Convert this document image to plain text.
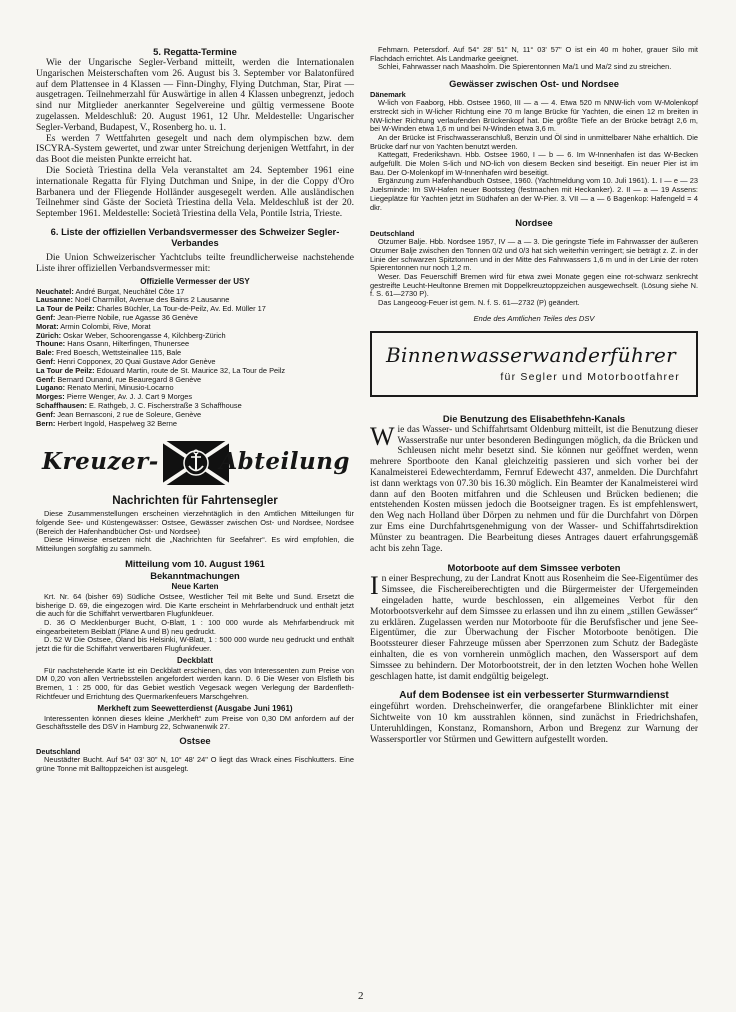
5. Regatta-Termine

Wie der Ungarische Segler-Verband mitteilt, werden die Internationalen Ungarischen Meisterschaften vom 26. August bis 3. September vor Balatonfüred auf dem Plattensee in 4 Klassen — Finn-Dinghy, Flying Dutchman, Star, Pirat — ausgetragen. Teilnehmerzahl für Auswärtige in allen 4 Klassen unbegrenzt, jedoch sind nur Mitglieder anerkannter Segelvereine und gültig vermessene Boote zugelassen. Meldeschluß: 20. August 1961, 12 Uhr. Meldestelle: Ungarischer Segler-Verband, Budapest, V., Rosenberg ho. u. 1.

Es werden 7 Wettfahrten gesegelt und nach dem olympischen bzw. dem ISCYRA-System gewertet, und zwar unter Streichung derjenigen Wettfahrt, in der das Boot die meisten Punkte erreicht hat.

Die Società Triestina della Vela veranstaltet am 24. September 1961 eine internationale Regatta für Flying Dutchman und Snipe, in der die Coppy d'Oro Barbanera und der Fliegende Holländer ausgesegelt werden. Alle ausländischen Teilnehmer sind Gäste der Società Triestina della Vela. Meldeschluß ist der 20. September 1961. Meldestelle: Società Triestina della Vela, Pontile Istria, Trieste.

6. Liste der offiziellen Verbandsvermesser des Schweizer Segler-Verbandes

Die Union Schweizerischer Yachtclubs teilte freundlicherweise nachstehende Liste ihrer offiziellen Verbandsvermesser mit:

Offizielle Vermesser der USY
Neuchatel: André Burgat, Neuchâtel Côte 17
Lausanne: Noël Charmillot, Avenue des Bains 2 Lausanne
La Tour de Peilz: Charles Büchler, La Tour-de-Peilz, Av. Ed. Müller 17
Genf: Jean-Pierre Nobile, rue Agasse 36 Genève
Morat: Armin Colombi, Rive, Morat
Zürich: Oskar Weber, Schoorengasse 4, Kilchberg-Zürich
Thoune: Hans Osann, Hilterfingen, Thunersee
Bale: Fred Boesch, Wettsteinallee 115, Bale
Genf: Henri Copponex, 20 Quai Gustave Ador Genève
La Tour de Peilz: Edouard Martin, route de St. Maurice 32, La Tour de Peilz
Genf: Bernard Dunand, rue Beauregard 8 Genève
Lugano: Renato Merlini, Minusio-Locarno
Morges: Pierre Wenger, Av. J. J. Cart 9 Morges
Schaffhausen: E. Rathgeb, J. C. Fischerstraße 3 Schaffhouse
Genf: Jean Bernasconi, 2 rue de Soleure, Genève
Bern: Herbert Ingold, Haspelweg 32 Berne
Kreuzer-	Abteilung
Nachrichten für Fahrtensegler

Diese Zusammenstellungen erscheinen vierzehntäglich in den Amtlichen Mitteilungen für folgende See- und Küstengewässer: Ostsee, Gewässer zwischen Ost- und Nordsee, Nordsee (Bereich der Hafenhandbücher Ost- und Nordsee)

Diese Hinweise ersetzen nicht die „Nachrichten für Seefahrer“. Es wird empfohlen, die Mitteilungen sorgfältig zu sammeln.

Mitteilung vom 10. August 1961
Bekanntmachungen
Neue Karten

Krt. Nr. 64 (bisher 69) Südliche Ostsee, Westlicher Teil mit Belte und Sund. Ersetzt die bisherige D. 69, die eingezogen wird. Die Karte erscheint in Mehrfarbendruck und enthält jetzt die auch für die Schiffahrt verwertbaren Flugfunkfeuer.

D. 36 O Mecklenburger Bucht, O-Blatt, 1 : 100 000 wurde als Mehrfarbendruck mit eingearbeitetem Beiblatt (Pläne A und B) neu gedruckt.

D. 52 W Die Ostsee, Öland bis Helsinki, W-Blatt, 1 : 500 000 wurde neu gedruckt und enthält jetzt die für die Schiffahrt verwertbaren Flugfunkfeuer.

Deckblatt

Für nachstehende Karte ist ein Deckblatt erschienen, das von Interessenten zum Preise von DM 0,20 von allen Vertriebsstellen angefordert werden kann. D. 6 Die Weser von Elsfleth bis Bremen, 1 : 25 000, für das Gebiet westlich Vegesack wegen Verlegung der Bardenfleth-Richtfeuer und Errichtung des Quermarkenfeuers Marschgehren.

Merkheft zum Seewetterdienst (Ausgabe Juni 1961)

Interessenten können dieses kleine „Merkheft“ zum Preise von 0,30 DM anfordern auf der Geschäftsstelle des DSV in Hamburg 22, Schwanenwik 27.

Ostsee
Deutschland

Neustädter Bucht. Auf 54° 03' 30" N, 10° 48' 24" O liegt das Wrack eines Fischkutters. Eine grüne Tonne mit Balltoppzeichen ist ausgelegt.

Fehmarn. Petersdorf. Auf 54° 28' 51" N, 11° 03' 57" O ist ein 40 m hoher, grauer Silo mit Flachdach errichtet. Als Landmarke geeignet.

Schlei, Fahrwasser nach Maasholm. Die Spierentonnen Ma/1 und Ma/2 sind zu streichen.

Gewässer zwischen Ost- und Nordsee
Dänemark

W-lich von Faaborg, Hbb. Ostsee 1960, III — a — 4. Etwa 520 m NNW-lich vom W-Molenkopf erstreckt sich in W-licher Richtung eine 70 m lange Brücke für Yachten, die einen 12 m breiten in NW-licher Richtung verlaufenden Brückenkopf hat. Die größte Tiefe an der Brücke beträgt 2,6 m, bei W-Winden etwa 1,6 m und bei N-Winden etwa 3,6 m.

An der Brücke ist Frischwasseranschluß, Benzin und Öl sind in unmittelbarer Nähe erhältlich. Die Brücke darf nur von Yachten benutzt werden.

Kattegatt, Frederikshavn. Hbb. Ostsee 1960, I — b — 6. Im W-Innenhafen ist das W-Becken aufgefüllt. Die Molen S-lich und NO-lich von diesem Becken sind beseitigt. Ein neuer Pier ist im Bau. Der O-Molenkopf im W-Innenhafen wird beseitigt.

Ergänzung zum Hafenhandbuch Ostsee, 1960. (Yachtmeldung vom 10. Juli 1961). 1. I — e — 23 Juelsminde: Im SW-Hafen neuer Bootssteg (festmachen mit Heckanker). 2. II — a — 19 Assens: Liegeplätze für Yachten jetzt im Südhafen an der W-Pier. 3. VII — a — 6 Bagenkop: Hafengeld = 4 dkr.

Nordsee
Deutschland

Otzumer Balje. Hbb. Nordsee 1957, IV — a — 3. Die geringste Tiefe im Fahrwasser der äußeren Otzumer Balje zwischen den Tonnen 0/2 und 0/3 hat sich weiterhin verringert; sie beträgt z. Z. in der Linie der schwarzen Spitztonnen und in der Mitte des Fahrwassers 1,6 m und in der Linie der roten Spierentonnen nur noch 1,2 m.

Weser. Das Feuerschiff Bremen wird für etwa zwei Monate gegen eine rot-schwarz senkrecht gestreifte Leucht-Heultonne Bremen mit Doppelkreuztoppzeichen ausgewechselt. (Lösung siehe N. f. S. 61—2730 P).

Das Langeoog-Feuer ist gem. N. f. S. 61—2732 (P) geändert.

Ende des Amtlichen Teiles des DSV
Binnenwasserwanderführer
für Segler und Motorbootfahrer
Die Benutzung des Elisabethfehn-Kanals

Wie das Wasser- und Schiffahrtsamt Oldenburg mitteilt, ist die Benutzung dieser Wasserstraße nur unter besonderen Bedingungen möglich, da die Brücken und Schleusen nicht mehr besetzt sind. Sie können nur geöffnet werden, wenn mehrere Sportboote den Kanal gleichzeitig passieren und sich vorher bei der Kanalmeisterei Edewechterdamm, Fernruf Edewecht 437, anmelden. Die Durchfahrt ist dann werktags von 07.30 bis 16.30 möglich. Ein Beamter der Kanalmeisterei wird dann auf den Booten mitfahren und die Schleusen und Brücken bedienen; die entstehenden Kosten müssen jedoch die Bootseigner tragen. Es ist empfehlenswert, den Weg nach Holland über Dörpen zu nehmen und für die Durchfahrt von Dörpen zur Ems eine Durchfahrtsgenehmigung von der Wasser- und Schiffahrtsdirektion Münster zu beantragen. Die Bearbeitung dieses Antrages dauert erfahrungsgemäß acht bis zehn Tage.

Motorboote auf dem Simssee verboten

In einer Besprechung, zu der Landrat Knott aus Rosenheim die See-Eigentümer des Simssee, die Fischereiberechtigten und die Bürgermeister der Ufergemeinden eingeladen hatte, wurde beschlossen, ein allgemeines Verbot für den Motorbootsverkehr auf dem Simssee zu erlassen und ihn zu einem „stillen Gewässer“ zu erklären. Zugelassen werden nur Motorboote für die Berufsfischer und jene See-Eigentümer, die zur Überwachung der Fischer Motorboote benötigen. Die Bootssteurer dieser Fahrzeuge müssen aber Sperrzonen zum Schutz der Badegäste einhalten, die es von vornherein unmöglich machen, den Wassersport auf dem Simssee zu behindern. Der Motorbootstreit, der in den letzten Wochen hohe Wellen geschlagen hatte, ist damit endgültig beigelegt.

Auf dem Bodensee ist ein verbesserter Sturmwarndienst

eingeführt worden. Drehscheinwerfer, die orangefarbene Blinklichter mit einer Sichtweite von 10 km ausstrahlen können, sind zunächst in Friedrichshafen, Unteruhldingen, Konstanz, Romanshorn, Arbon und Bregenz zur Warnung der Wassersportler vor Stürmen und Gewittern aufgestellt worden.

2
